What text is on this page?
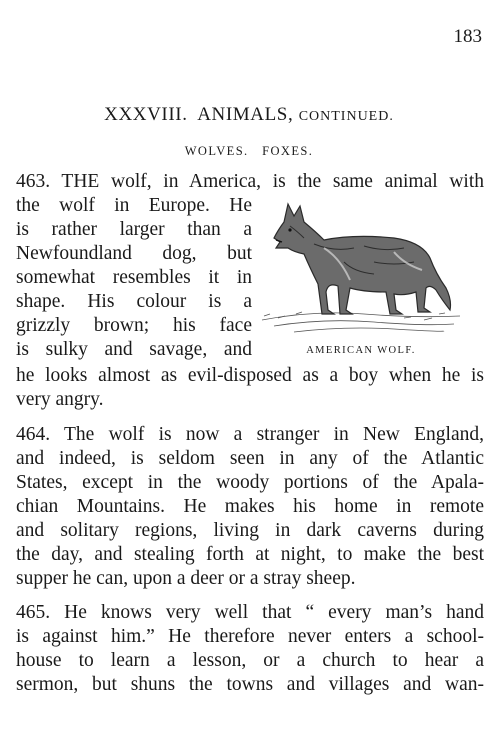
183
XXXVIII. ANIMALS, CONTINUED.
WOLVES.   FOXES.
463. THE wolf, in America, is the same animal with
the wolf in Europe. He
is rather larger than a
Newfoundland dog, but
somewhat resembles it in
shape. His colour is a
grizzly brown; his face
is sulky and savage, and
he looks almost as evil-disposed as a boy when he is
very angry.
464. The wolf is now a stranger in New England,
and indeed, is seldom seen in any of the Atlantic
States, except in the woody portions of the Apala-
chian Mountains. He makes his home in remote
and solitary regions, living in dark caverns during
the day, and stealing forth at night, to make the best
supper he can, upon a deer or a stray sheep.
465. He knows very well that “ every man’s hand
is against him.” He therefore never enters a school-
house to learn a lesson, or a church to hear a
sermon, but shuns the towns and villages and wan-
AMERICAN WOLF.
